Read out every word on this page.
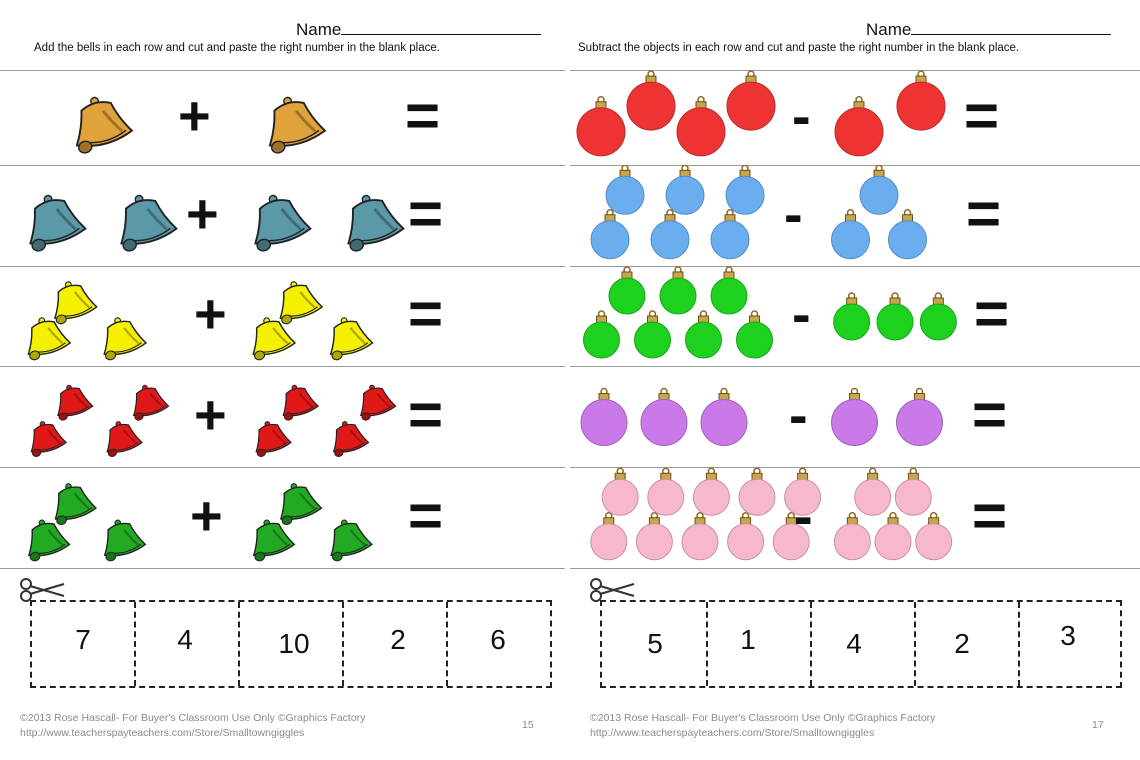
Name
Add the bells in each row and cut and paste the right number in the blank place.
+	=
+	=
+	=
+	=
+	=
7	4	10	2	6
©2013 Rose Hascall- For Buyer's Classroom Use Only ©Graphics Factory
http://www.teacherspayteachers.com/Store/Smalltowngiggles
15
Name
Subtract the objects in each row and cut and paste the right number in the blank place.
-	=
-	=
-	=
-	=
-	=
5	1	4	2	3
©2013 Rose Hascall- For Buyer's Classroom Use Only ©Graphics Factory
http://www.teacherspayteachers.com/Store/Smalltowngiggles
17
